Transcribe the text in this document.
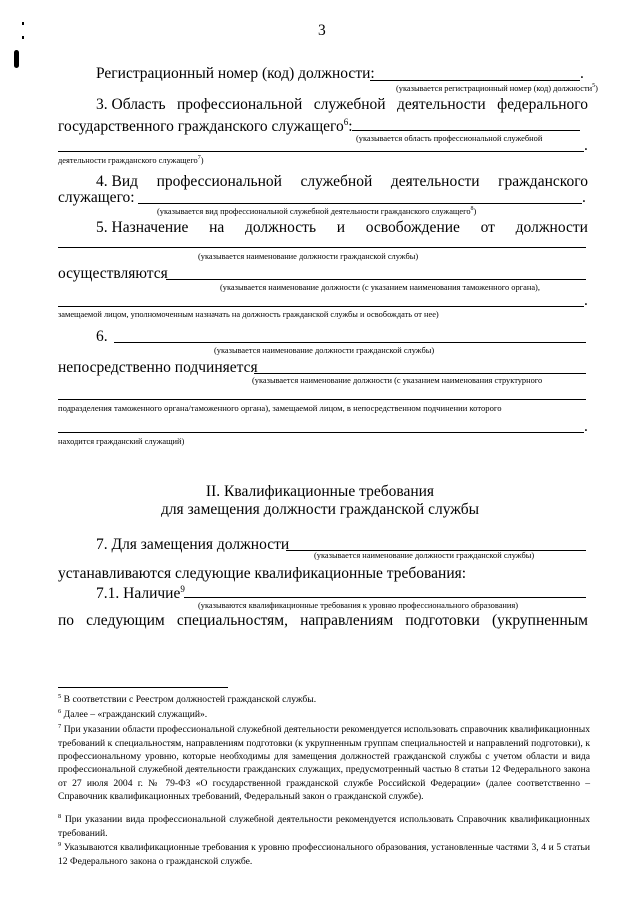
3
Регистрационный номер (код) должности:	.
(указывается регистрационный номер (код) должности$^5$)
3. Область профессиональной служебной деятельности федерального
государственного гражданского служащего$^6$:
(указывается область профессиональной служебной	.
деятельности гражданского служащего$^7$)
4. Вид профессиональной служебной деятельности гражданского
служащего:	.
(указывается вид профессиональной служебной деятельности гражданского служащего$^8$)
5. Назначение на должность и освобождение от должности
(указывается наименование должности гражданской службы)
осуществляются
(указывается наименование должности (с указанием наименования таможенного органа),
.
замещаемой лицом, уполномоченным назначать на должность гражданской службы и освобождать от нее)
6.
(указывается наименование должности гражданской службы)
непосредственно подчиняется
(указывается наименование должности (с указанием наименования структурного
подразделения таможенного органа/таможенного органа), замещаемой лицом, в непосредственном подчинении которого
.
находится гражданский служащий)
II. Квалификационные требования
для замещения должности гражданской службы
7. Для замещения должности
(указывается наименование должности гражданской службы)
устанавливаются следующие квалификационные требования:
7.1. Наличие$^9$
(указываются квалификационные требования к уровню профессионального образования)
по следующим специальностям, направлениям подготовки (укрупненным
$^5$ В соответствии с Реестром должностей гражданской службы.
$^6$ Далее – «гражданский служащий».
$^7$ При указании области профессиональной служебной деятельности рекомендуется использовать справочник квалификационных требований к специальностям, направлениям подготовки (к укрупненным группам специальностей и направлений подготовки), к профессиональному уровню, которые необходимы для замещения должностей гражданской службы с учетом области и вида профессиональной служебной деятельности гражданских служащих, предусмотренный частью 8 статьи 12 Федерального закона от 27 июля 2004 г. № 79-ФЗ «О государственной гражданской службе Российской Федерации» (далее соответственно – Справочник квалификационных требований, Федеральный закон о гражданской службе).
$^8$ При указании вида профессиональной служебной деятельности рекомендуется использовать Справочник квалификационных требований.
$^9$ Указываются квалификационные требования к уровню профессионального образования, установленные частями 3, 4 и 5 статьи 12 Федерального закона о гражданской службе.
